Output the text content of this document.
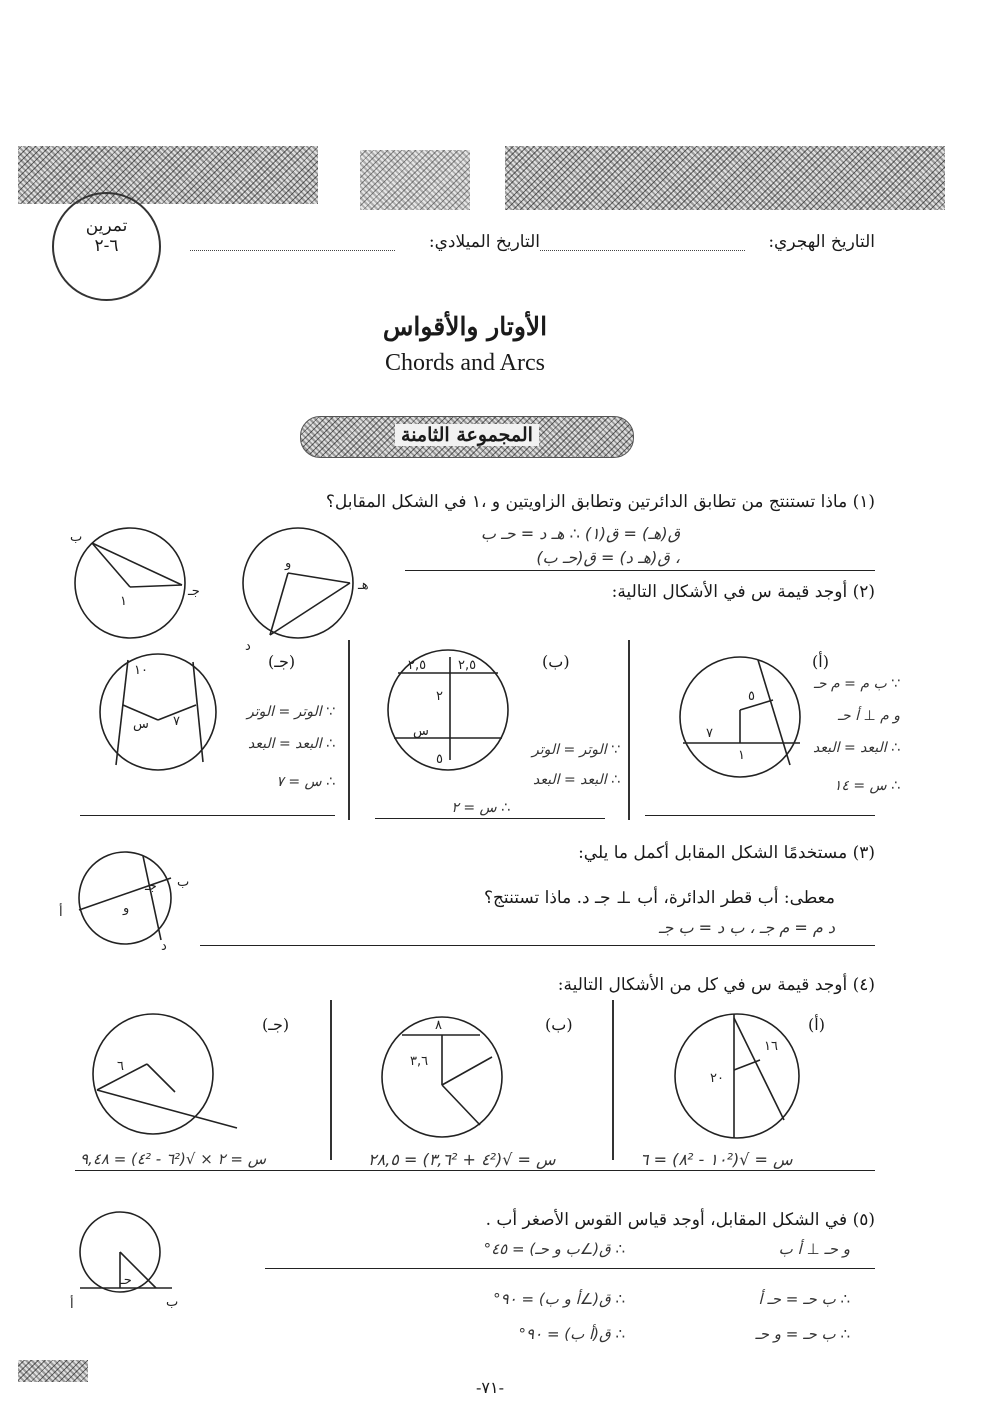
تمرين
٦-٢	التاريخ الهجري:
التاريخ الميلادي:
الأوتار والأقواس
Chords and Arcs
المجموعة الثامنة
(١) ماذا تستنتج من تطابق الدائرتين وتطابق الزاويتين و ،١ في الشكل المقابل؟
ق(هـ) = ق(١) ∴ هـ د = حـ ب
، ق(هـ د) = ق(حـ ب)
ب
١
جـ	هـ
و
د
(٢) أوجد قيمة س في الأشكال التالية:
(أ)
٥
٧
١
∵ ب م = م حـ
و م ⊥ أ حـ
∴ البعد = البعد
∴ س = ١٤
(ب)
٢,٥ ٢,٥
٢
س
٥
∵ الوتر = الوتر
∴ البعد = البعد
∴ س = ٢
(جـ)
١٠
٧
س
∵ الوتر = الوتر
∴ البعد = البعد
∴ س = ٧
(٣) مستخدمًا الشكل المقابل أكمل ما يلي:
معطى: أب قطر الدائرة، أب ⊥ جـ د. ماذا تستنتج؟
د م = م جـ ، ب د = ب جـ
ب
أ
د
و
جـ
(٤) أوجد قيمة س في كل من الأشكال التالية:
(أ)
١٦
٢٠
س = √(١٠² - ٨²) = ٦
(ب)
٨
٣,٦
س = √(٤² + ٣,٦²) = ٢٨,٥
٦
(جـ)
س = ٢ × √(٦² - ٤²) = ٩,٤٨
(٥) في الشكل المقابل، أوجد قياس القوس الأصغر أب .
و حـ ⊥ أ ب
∴ ق(∠ب و حـ) = ٤٥°
∴ ب حـ = حـ أ
∴ ق(∠أ و ب) = ٩٠°
∴ ب حـ = و حـ
∴ ق(أ ب) = ٩٠°
أ	ب
حـ
-٧١-
